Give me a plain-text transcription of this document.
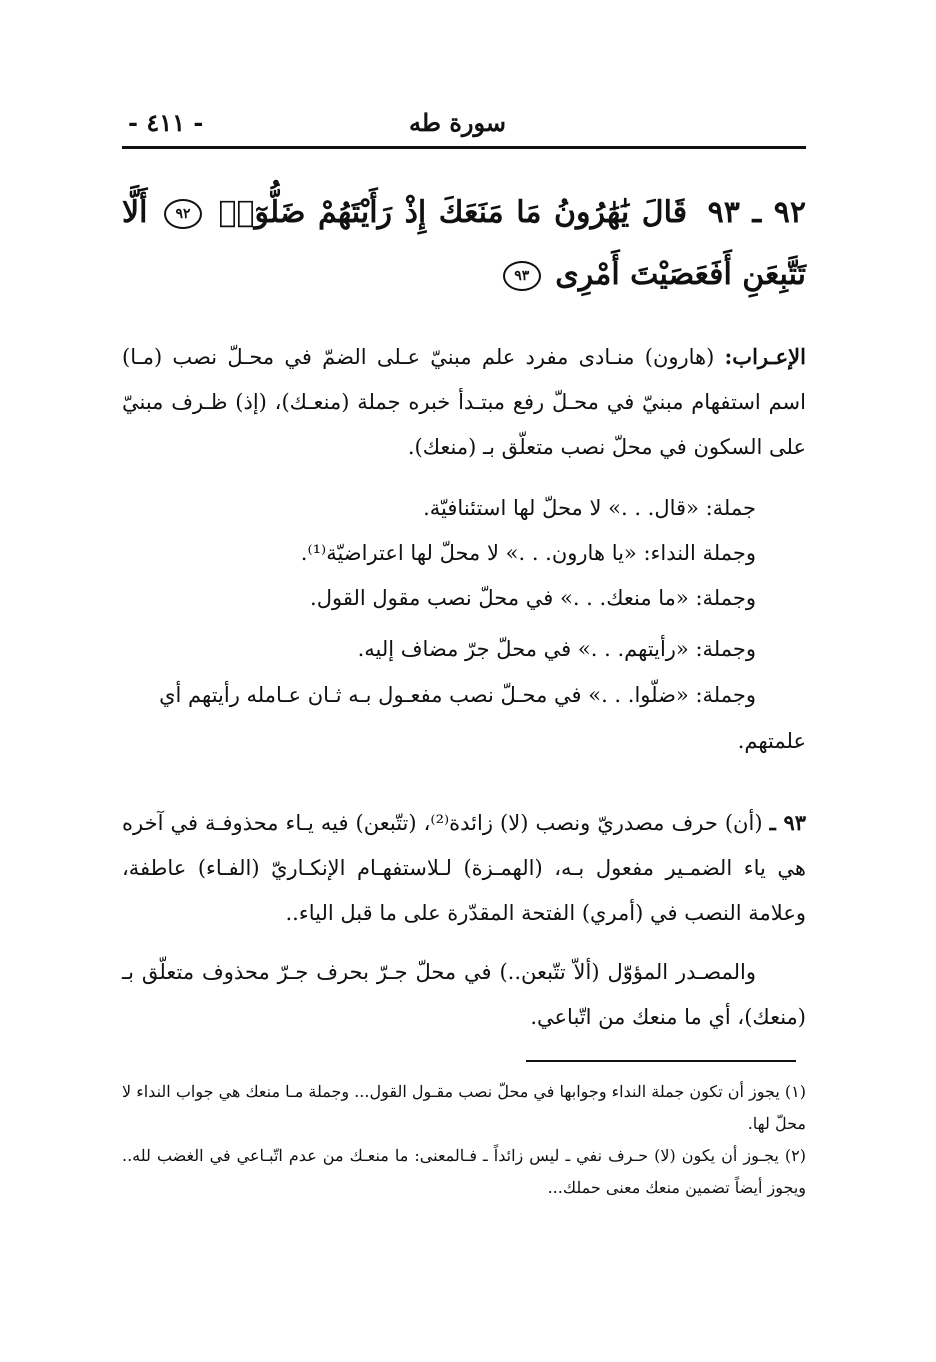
سورة طه
- ٤١١ -
٩٢ ـ ٩٣ قَالَ يَٰهَٰرُونُ مَا مَنَعَكَ إِذْ رَأَيْتَهُمْ ضَلُّوٓا۟ ٩٢ أَلَّا تَتَّبِعَنِ أَفَعَصَيْتَ أَمْرِى ٩٣
الإعـراب: (هارون) منـادى مفرد علم مبنيّ عـلى الضمّ في محـلّ نصب (مـا) اسم استفهام مبنيّ في محـلّ رفع مبتـدأ خبره جملة (منعـك)، (إذ) ظـرف مبنيّ على السكون في محلّ نصب متعلّق بـ (منعك).
جملة: «قال. . .» لا محلّ لها استئنافيّة.
وجملة النداء: «يا هارون. . .» لا محلّ لها اعتراضيّة⁽¹⁾.
وجملة: «ما منعك. . .» في محلّ نصب مقول القول.
وجملة: «رأيتهم. . .» في محلّ جرّ مضاف إليه.
وجملة: «ضلّوا. . .» في محـلّ نصب مفعـول بـه ثـان عـامله رأيتهم أي
علمتهم.
٩٣ ـ (أن) حرف مصدريّ ونصب (لا) زائدة⁽²⁾، (تتّبعن) فيه يـاء محذوفـة في آخره هي ياء الضمـير مفعول بـه، (الهمـزة) لـلاستفهـام الإنكـاريّ (الفـاء) عاطفة، وعلامة النصب في (أمري) الفتحة المقدّرة على ما قبل الياء..
والمصـدر المؤوّل (ألاّ تتّبعن..) في محلّ جـرّ بحرف جـرّ محذوف متعلّق بـ (منعك)، أي ما منعك من اتّباعي.
(١) يجوز أن تكون جملة النداء وجوابها في محلّ نصب مقـول القول... وجملة مـا منعك هي جواب النداء لا محلّ لها.
(٢) يجـوز أن يكون (لا) حـرف نفي ـ ليس زائداً ـ فـالمعنى: ما منعـك من عدم اتّبـاعي في الغضب لله.. ويجوز أيضاً تضمين منعك معنى حملك...
